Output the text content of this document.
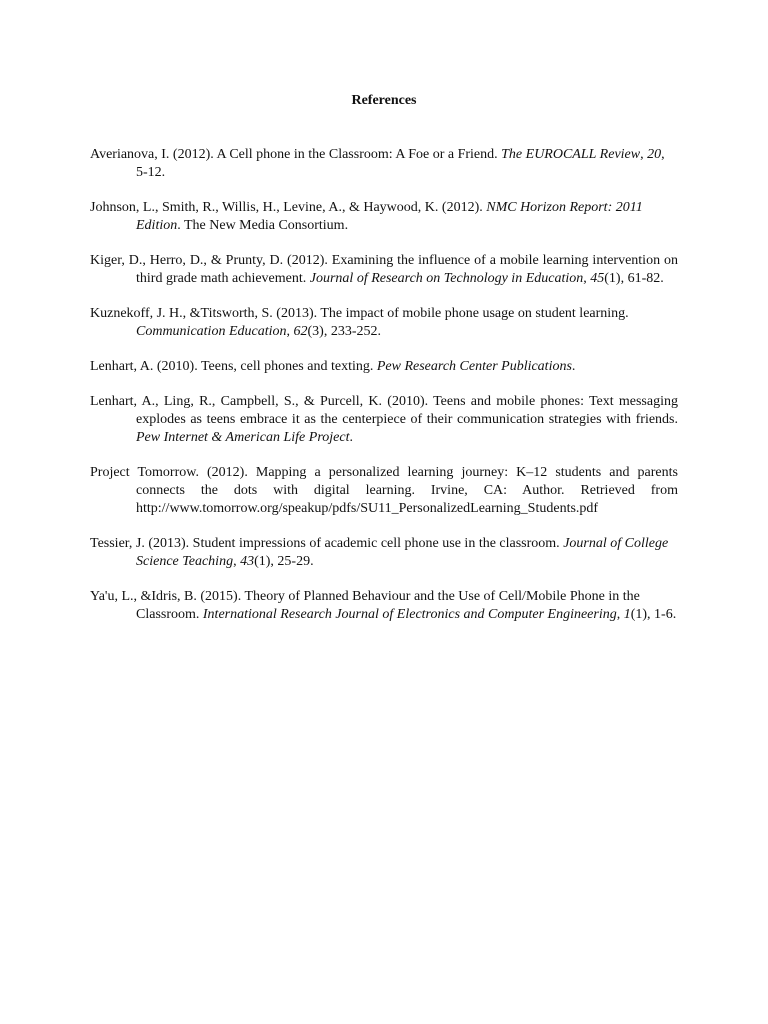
References

Averianova, I. (2012). A Cell phone in the Classroom: A Foe or a Friend. The EUROCALL Review, 20, 5-12.

Johnson, L., Smith, R., Willis, H., Levine, A., & Haywood, K. (2012). NMC Horizon Report: 2011 Edition. The New Media Consortium.

Kiger, D., Herro, D., & Prunty, D. (2012). Examining the influence of a mobile learning intervention on third grade math achievement. Journal of Research on Technology in Education, 45(1), 61-82.

Kuznekoff, J. H., &Titsworth, S. (2013). The impact of mobile phone usage on student learning. Communication Education, 62(3), 233-252.

Lenhart, A. (2010). Teens, cell phones and texting. Pew Research Center Publications.

Lenhart, A., Ling, R., Campbell, S., & Purcell, K. (2010). Teens and mobile phones: Text messaging explodes as teens embrace it as the centerpiece of their communication strategies with friends. Pew Internet & American Life Project.

Project Tomorrow. (2012). Mapping a personalized learning journey: K–12 students and parents connects the dots with digital learning. Irvine, CA: Author. Retrieved from http://www.tomorrow.org/speakup/pdfs/SU11_PersonalizedLearning_Students.pdf

Tessier, J. (2013). Student impressions of academic cell phone use in the classroom. Journal of College Science Teaching, 43(1), 25-29.

Ya'u, L., &Idris, B. (2015). Theory of Planned Behaviour and the Use of Cell/Mobile Phone in the Classroom. International Research Journal of Electronics and Computer Engineering, 1(1), 1-6.
